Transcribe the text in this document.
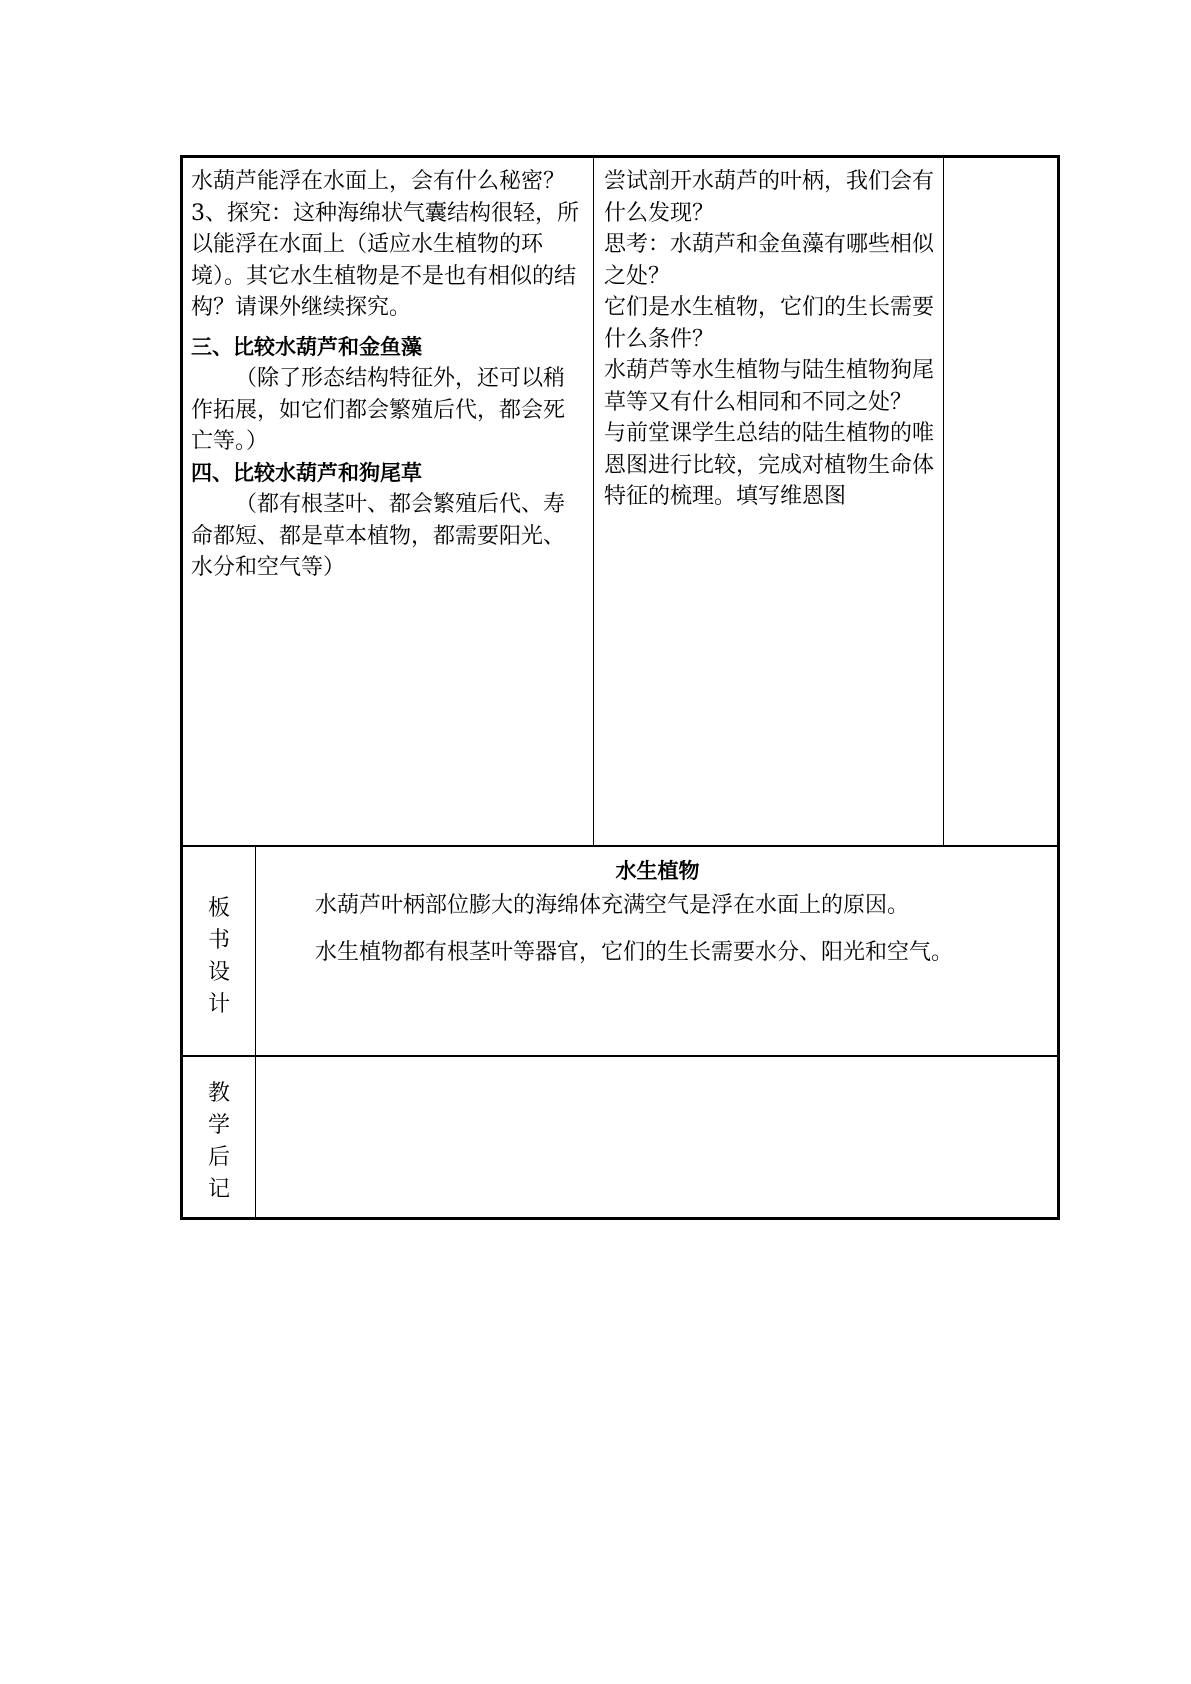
水葫芦能浮在水面上，会有什么秘密？

3、探究：这种海绵状气囊结构很轻，所以能浮在水面上（适应水生植物的环境）。其它水生植物是不是也有相似的结构？请课外继续探究。

三、比较水葫芦和金鱼藻

（除了形态结构特征外，还可以稍作拓展，如它们都会繁殖后代，都会死亡等。）

四、比较水葫芦和狗尾草

（都有根茎叶、都会繁殖后代、寿命都短、都是草本植物，都需要阳光、水分和空气等）

尝试剖开水葫芦的叶柄，我们会有什么发现？

思考：水葫芦和金鱼藻有哪些相似之处？

它们是水生植物，它们的生长需要什么条件？

水葫芦等水生植物与陆生植物狗尾草等又有什么相同和不同之处？

与前堂课学生总结的陆生植物的唯恩图进行比较，完成对植物生命体特征的梳理。填写维恩图

板
书
设
计
水生植物
水葫芦叶柄部位膨大的海绵体充满空气是浮在水面上的原因。
水生植物都有根茎叶等器官，它们的生长需要水分、阳光和空气。
教
学
后
记
